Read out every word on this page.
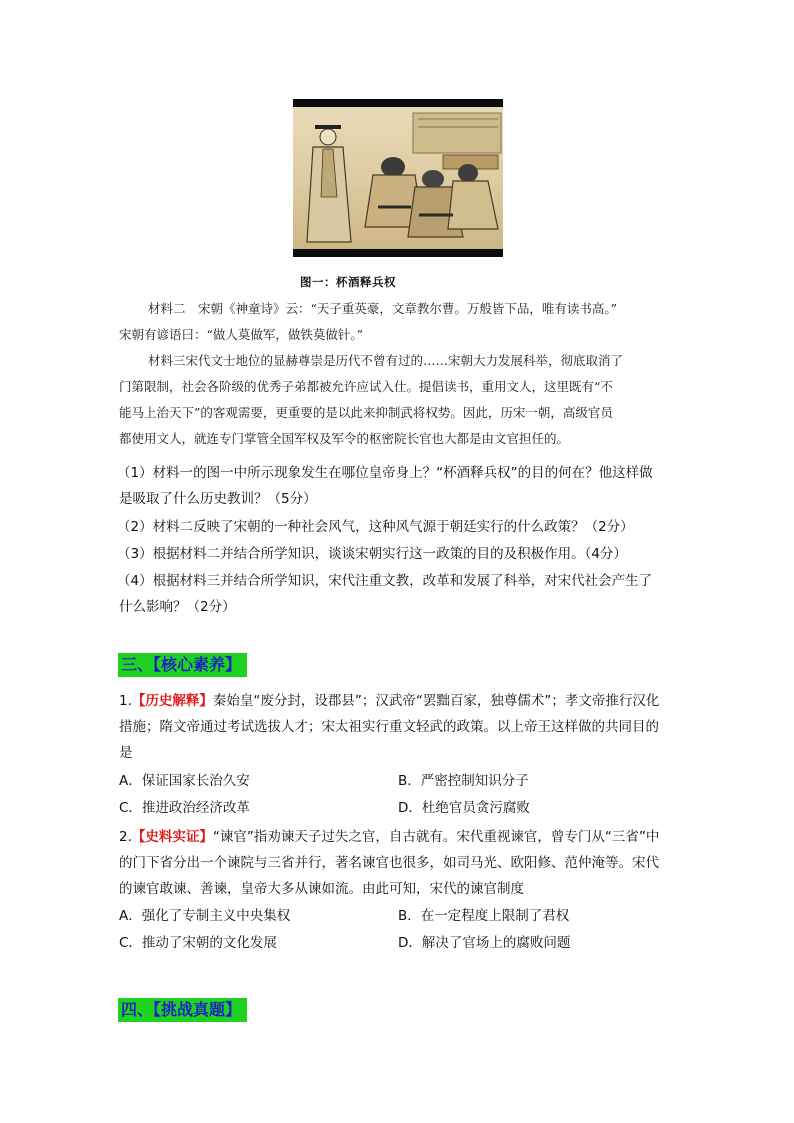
图一：杯酒释兵权
材料二　宋朝《神童诗》云：“天子重英豪，文章教尔曹。万般皆下品，唯有读书高。”
宋朝有谚语曰：“做人莫做军，做铁莫做针。”
材料三宋代文士地位的显赫尊崇是历代不曾有过的……宋朝大力发展科举，彻底取消了
门第限制，社会各阶级的优秀子弟都被允许应试入仕。提倡读书，重用文人，这里既有“不
能马上治天下”的客观需要，更重要的是以此来抑制武将权势。因此，历宋一朝，高级官员
都使用文人，就连专门掌管全国军权及军令的枢密院长官也大都是由文官担任的。
（1）材料一的图一中所示现象发生在哪位皇帝身上？“杯酒释兵权”的目的何在？他这样做
是吸取了什么历史教训？（5分）
（2）材料二反映了宋朝的一种社会风气，这种风气源于朝廷实行的什么政策？（2分）
（3）根据材料二并结合所学知识，谈谈宋朝实行这一政策的目的及积极作用。（4分）
（4）根据材料三并结合所学知识，宋代注重文教，改革和发展了科举，对宋代社会产生了
什么影响？（2分）
三、【核心素养】
1.【历史解释】秦始皇“废分封，设郡县”；汉武帝“罢黜百家，独尊儒术”；孝文帝推行汉化
措施；隋文帝通过考试选拔人才；宋太祖实行重文轻武的政策。以上帝王这样做的共同目的
是
A．保证国家长治久安	B．严密控制知识分子
C．推进政治经济改革	D．杜绝官员贪污腐败
2.【史料实证】“谏官”指劝谏天子过失之官，自古就有。宋代重视谏官，曾专门从“三省”中
的门下省分出一个谏院与三省并行，著名谏官也很多，如司马光、欧阳修、范仲淹等。宋代
的谏官敢谏、善谏，皇帝大多从谏如流。由此可知，宋代的谏官制度
A．强化了专制主义中央集权	B．在一定程度上限制了君权
C．推动了宋朝的文化发展	D．解决了官场上的腐败问题
四、【挑战真题】
